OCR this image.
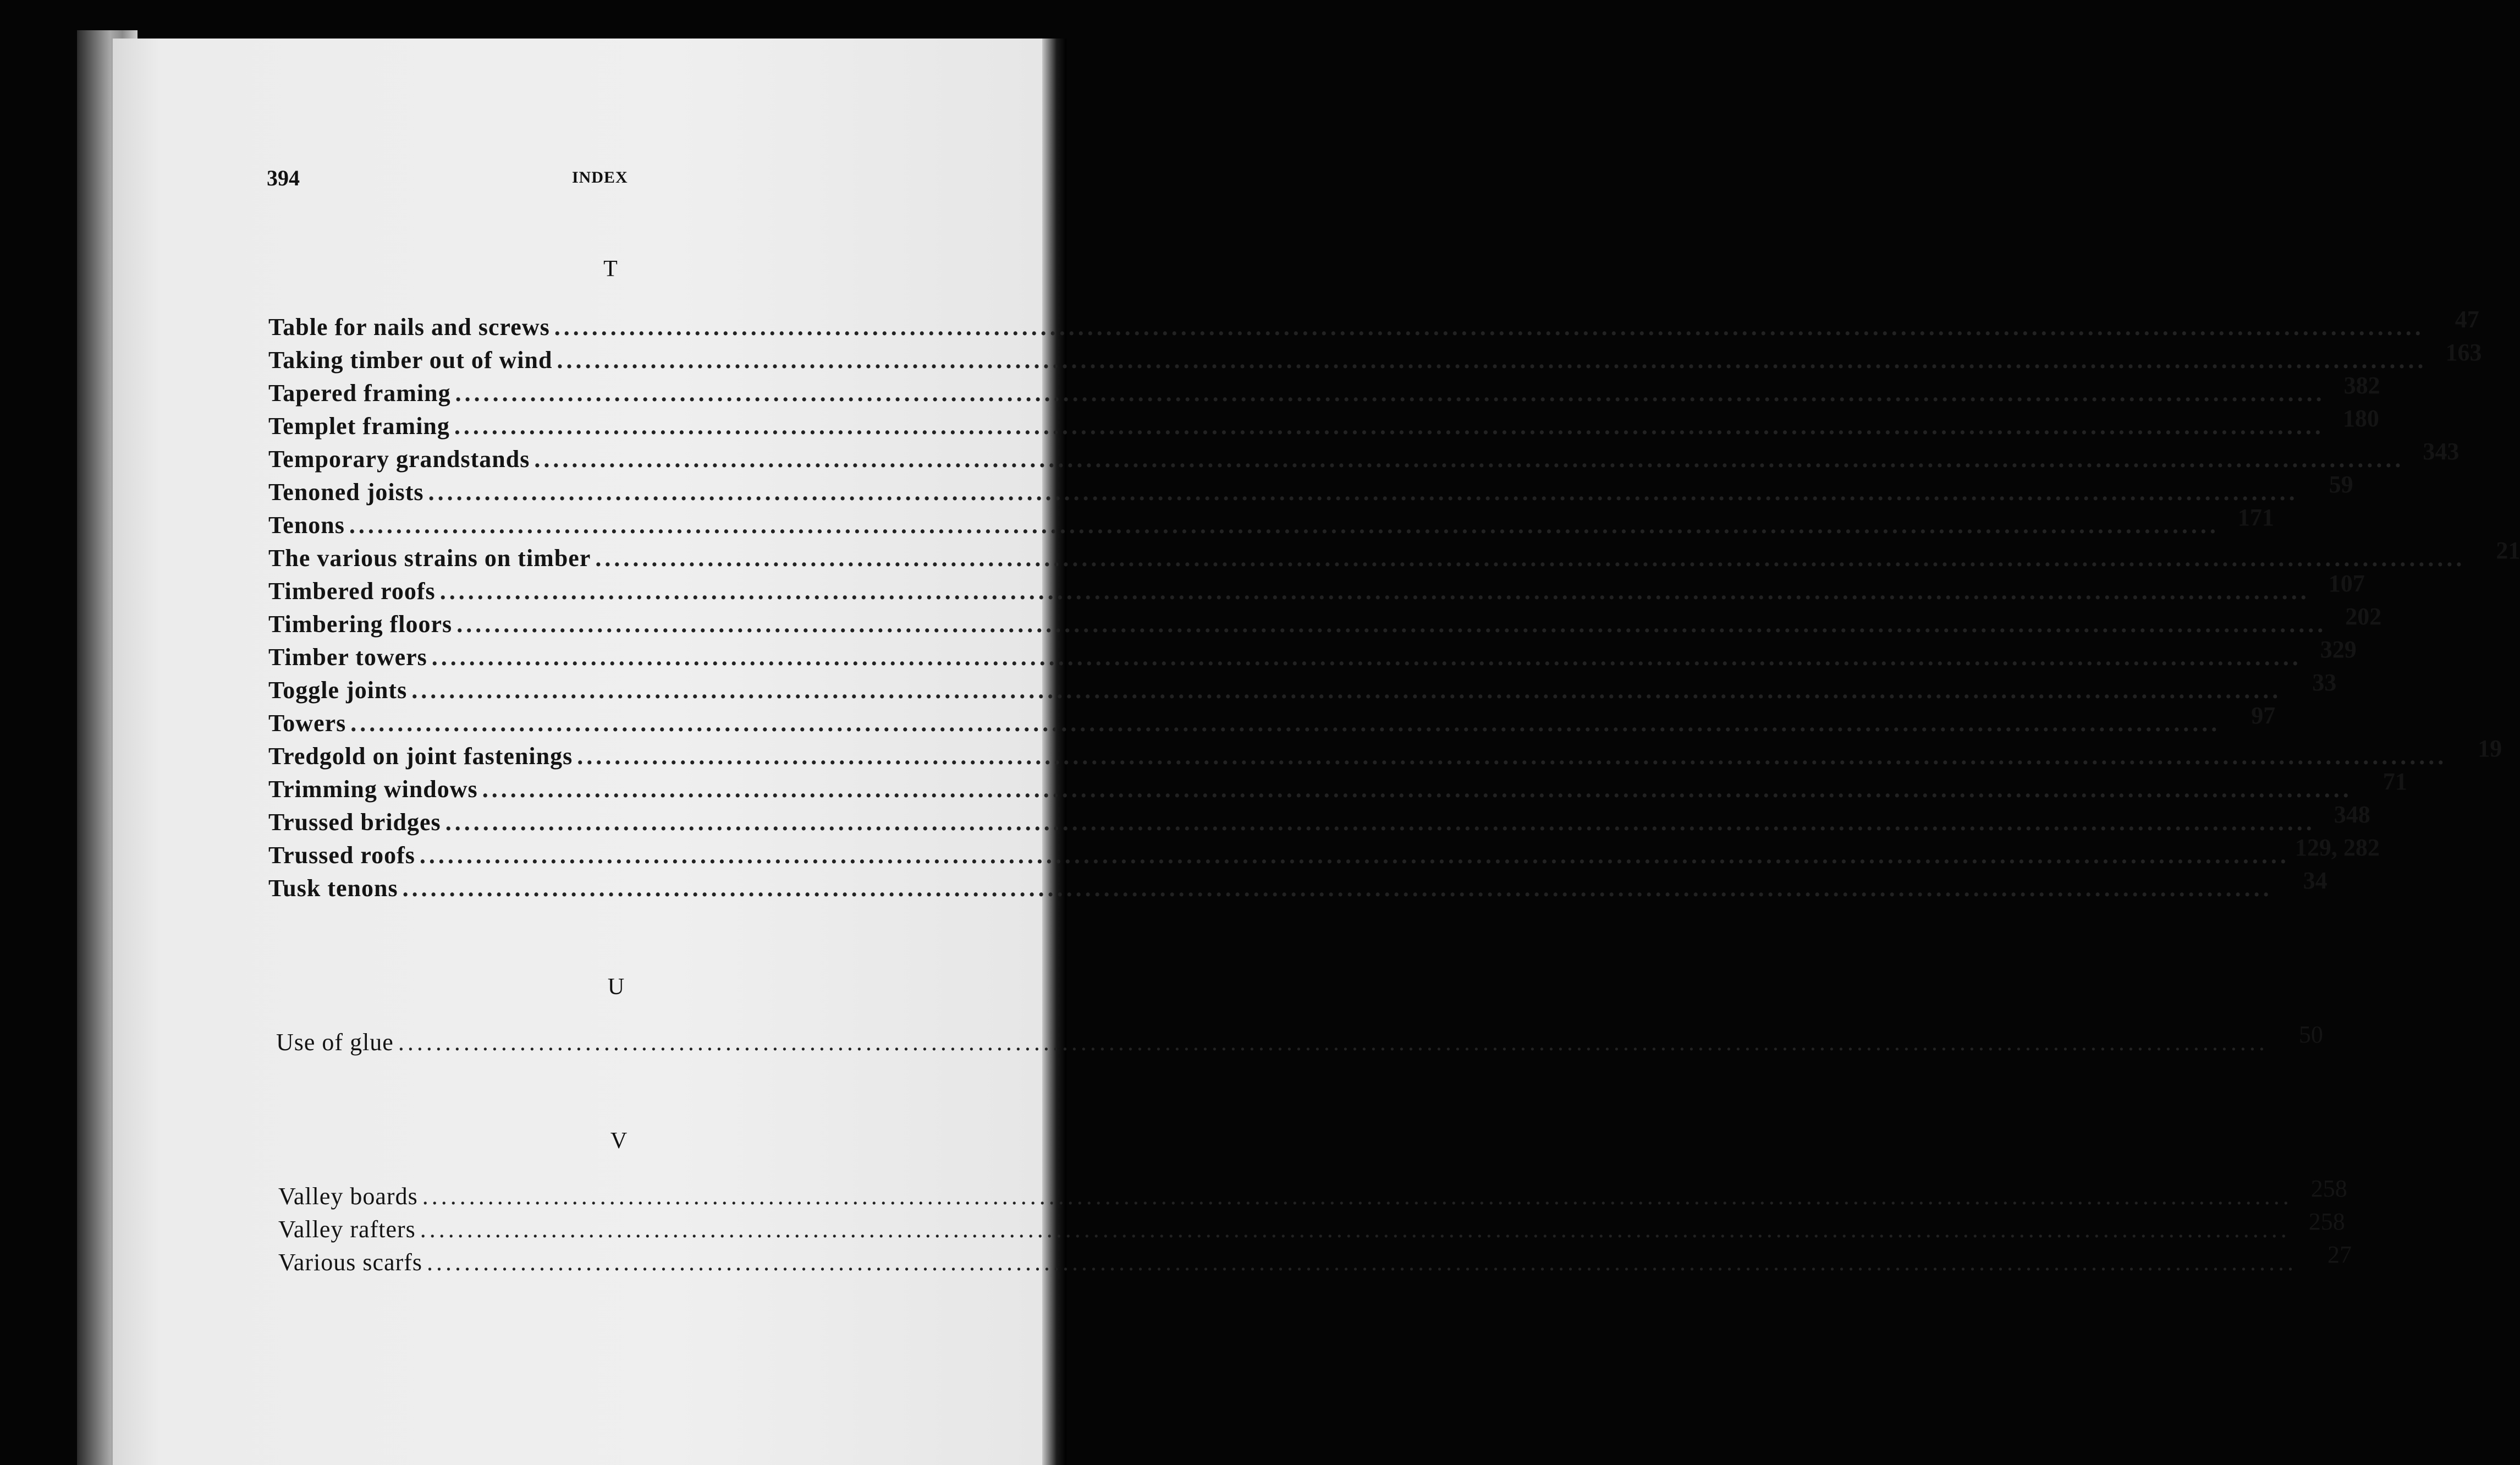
394	INDEX
T
Table for nails and screws ........................................................................................................................................................................................................	47
Taking timber out of wind ........................................................................................................................................................................................................ 163
Tapered framing ........................................................................................................................................................................................................ 382
Templet framing ........................................................................................................................................................................................................ 180
Temporary grandstands ........................................................................................................................................................................................................ 343
Tenoned joists ........................................................................................................................................................................................................	59
Tenons ........................................................................................................................................................................................................ 171
The various strains on timber ........................................................................................................................................................................................................	21
Timbered roofs ........................................................................................................................................................................................................ 107
Timbering floors ........................................................................................................................................................................................................ 202
Timber towers ........................................................................................................................................................................................................ 329
Toggle joints ........................................................................................................................................................................................................	33
Towers ........................................................................................................................................................................................................	97
Tredgold on joint fastenings ........................................................................................................................................................................................................	19
Trimming windows ........................................................................................................................................................................................................	71
Trussed bridges ........................................................................................................................................................................................................ 348
Trussed roofs ........................................................................................................................................................................................................ 129, 282
Tusk tenons ........................................................................................................................................................................................................	34
U
Use of glue ........................................................................................................................................................................................................	50
V
Valley boards ........................................................................................................................................................................................................ 258
Valley rafters ........................................................................................................................................................................................................ 258
Various scarfs ........................................................................................................................................................................................................	27
